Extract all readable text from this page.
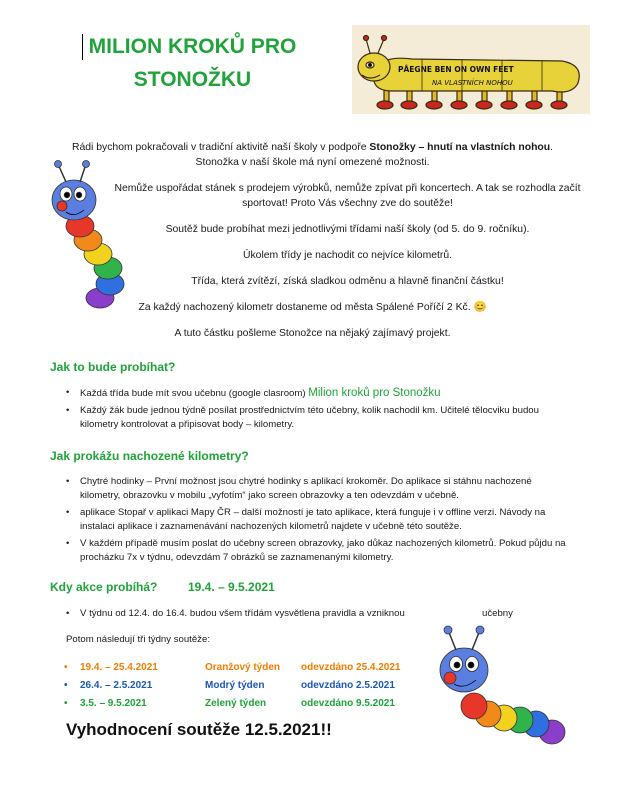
MILION KROKŮ PRO STONOŽKU	PÅEGNE BEN ON OWN FEET
NA VLASTNÍCH NOHOU

Rádi bychom pokračovali v tradiční aktivitě naší školy v podpoře Stonožky – hnutí na vlastních nohou.

Stonožka v naší škole má nyní omezené možnosti.

Nemůže uspořádat stánek s prodejem výrobků, nemůže zpívat při koncertech. A tak se rozhodla začít sportovat! Proto Vás všechny zve do soutěže!

Soutěž bude probíhat mezi jednotlivými třídami naší školy (od 5. do 9. ročníku).

Úkolem třídy je nachodit co nejvíce kilometrů.

Třída, která zvítězí, získá sladkou odměnu a hlavně finanční částku!

Za každý nachozený kilometr dostaneme od města Spálené Poříčí 2 Kč. 😊

A tuto částku pošleme Stonožce na nějaký zajímavý projekt.

Jak to bude probíhat?
• Každá třída bude mít svou učebnu (google clasroom) Milion kroků pro Stonožku
• Každý žák bude jednou týdně posílat prostřednictvím této učebny, kolik nachodil km. Učitelé tělocviku budou kilometry kontrolovat a připisovat body – kilometry.
Jak prokážu nachozené kilometry?
• Chytré hodinky – První možnost jsou chytré hodinky s aplikací krokoměr. Do aplikace si stáhnu nachozené kilometry, obrazovku v mobilu „vyfotím“ jako screen obrazovky a ten odevzdám v učebně.
• aplikace Stopař v aplikaci Mapy ČR – další možností je tato aplikace, která funguje i v offline verzi. Návody na instalaci aplikace i zaznamenávání nachozených kilometrů najdete v učebně této soutěže.
• V každém případě musím poslat do učebny screen obrazovky, jako důkaz nachozených kilometrů. Pokud půjdu na procházku 7x v týdnu, odevzdám 7 obrázků se zaznamenanými kilometry.
Kdy akce probíhá?	19.4. – 9.5.2021
• V týdnu od 12.4. do 16.4. budou všem třídám vysvětlena pravidla a vzniknou	učebny
Potom následují tři týdny soutěže:
• 19.4. – 25.4.2021	Oranžový týden odevzdáno 25.4.2021
• 26.4. – 2.5.2021	Modrý týden	odevzdáno 2.5.2021
• 3.5. – 9.5.2021	Zelený týden	odevzdáno 9.5.2021
Vyhodnocení soutěže 12.5.2021!!
